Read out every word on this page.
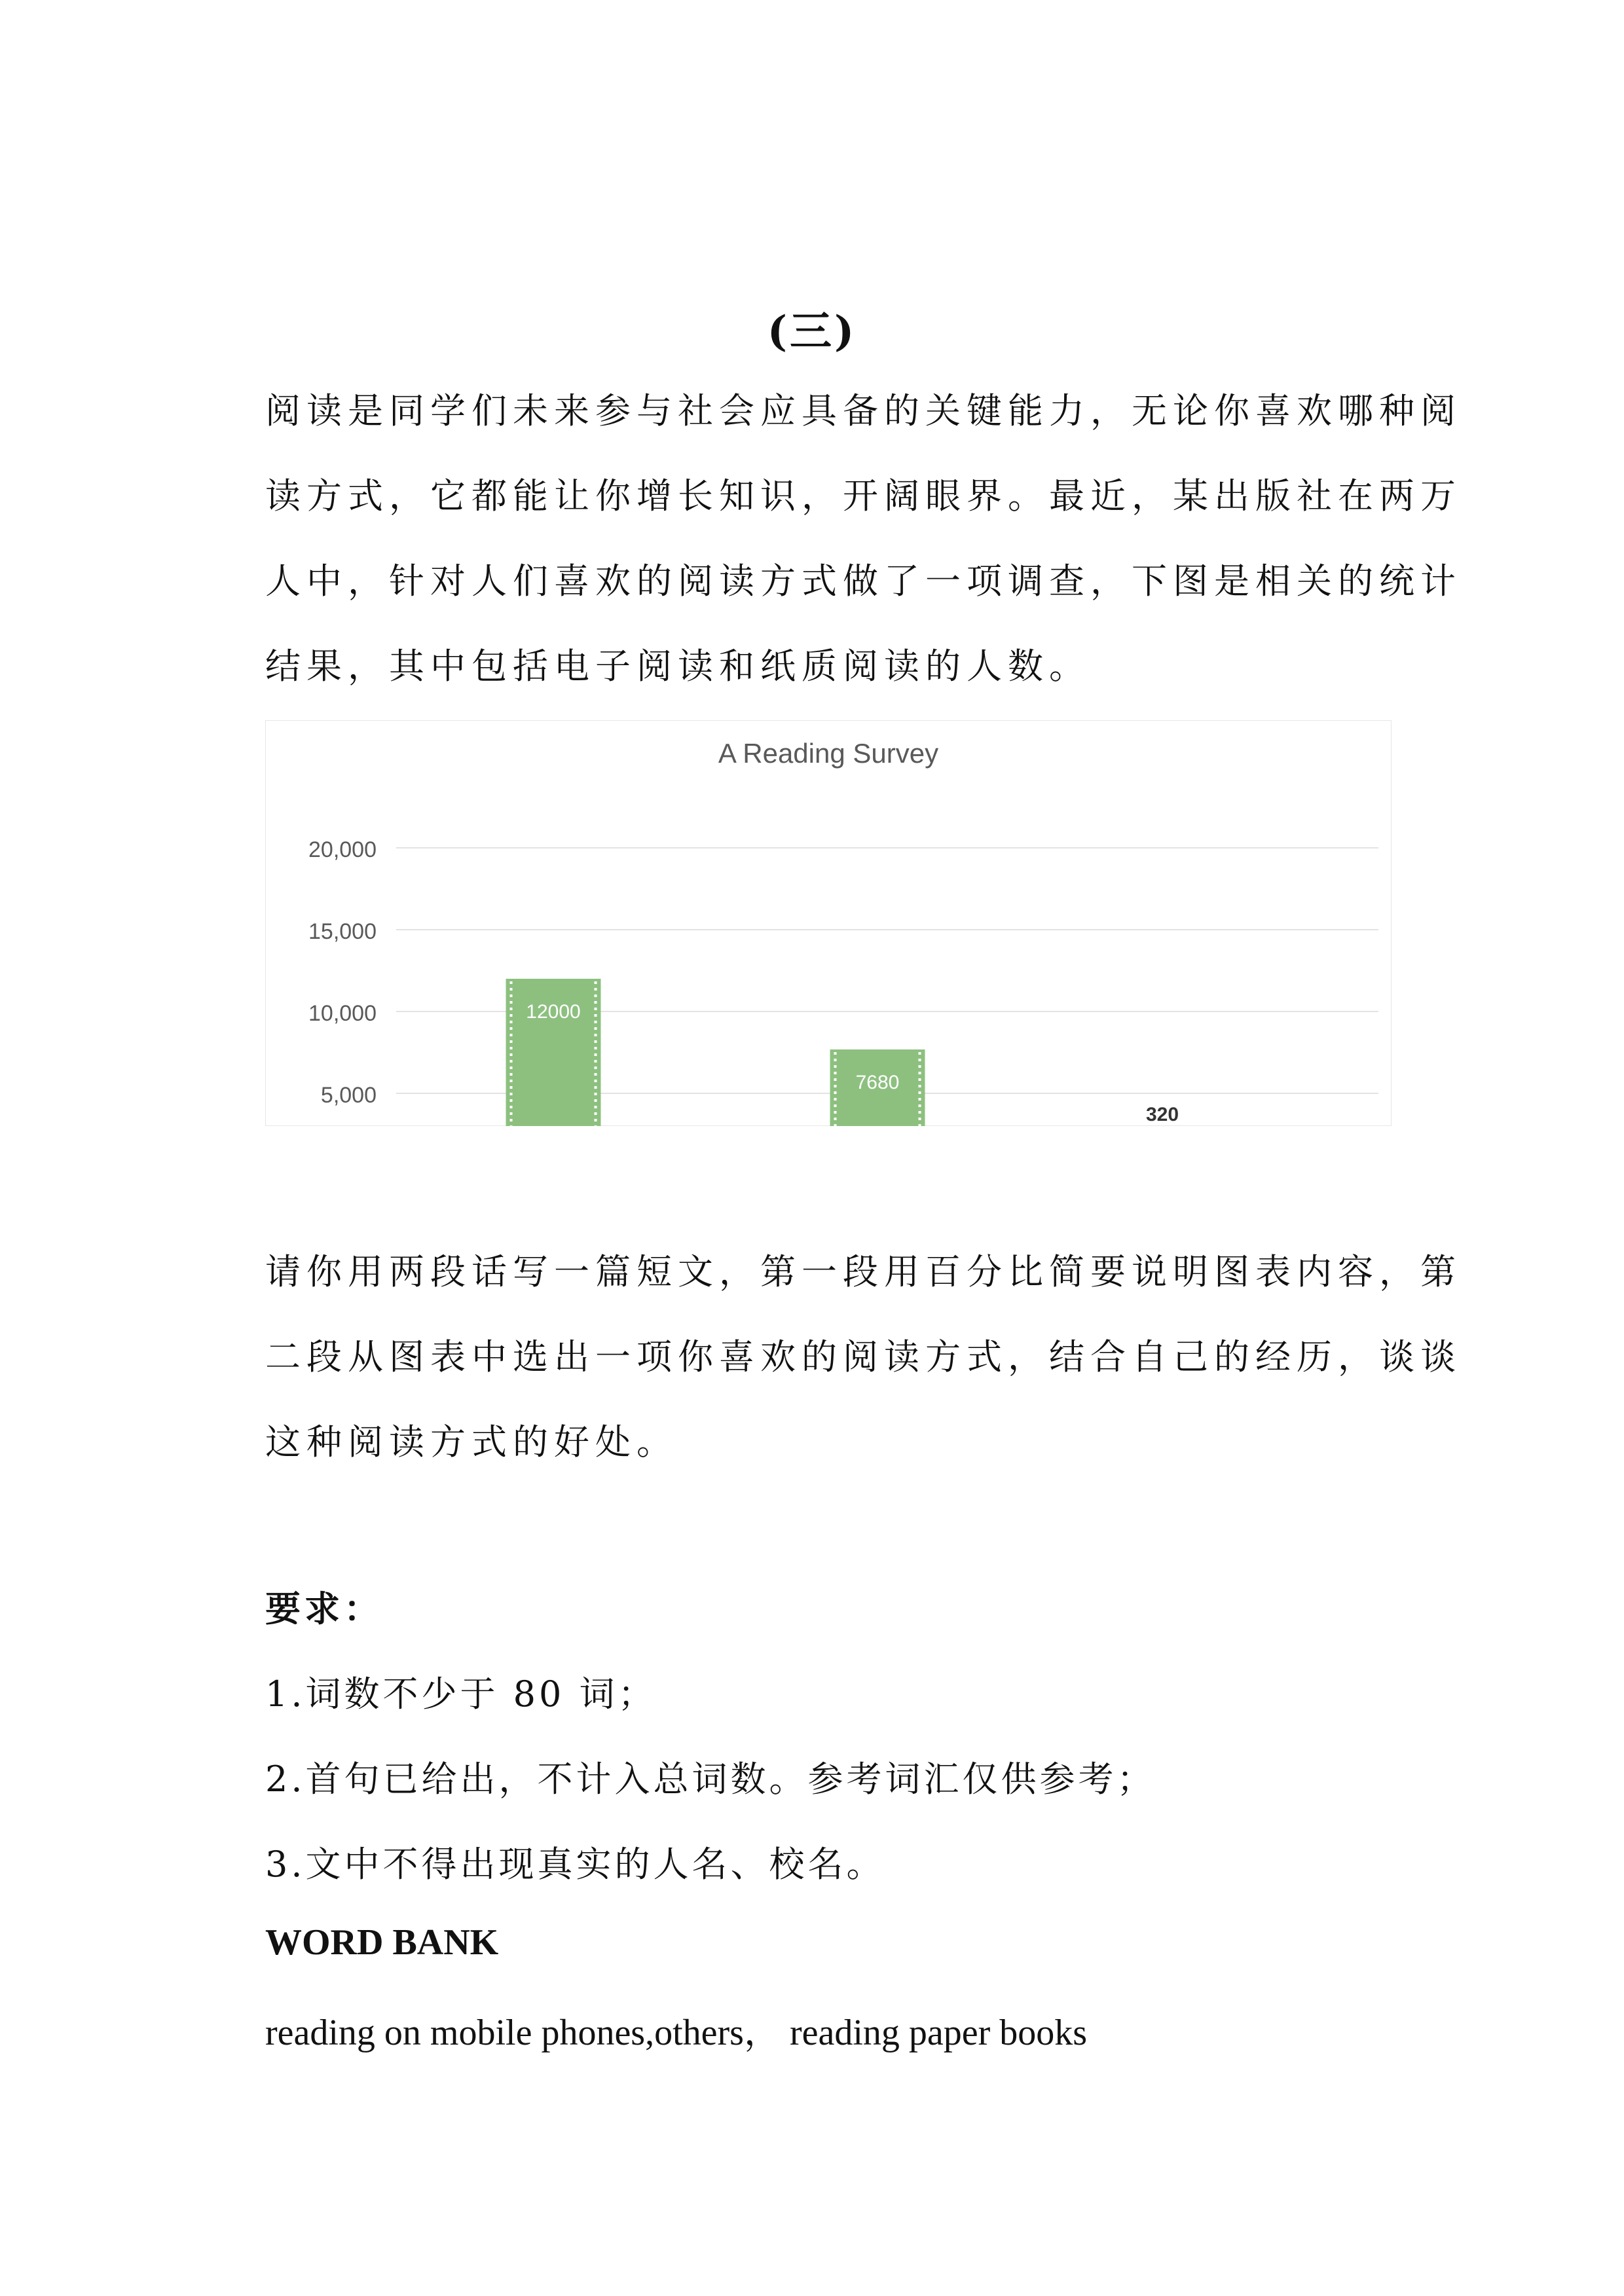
(三)
阅读是同学们未来参与社会应具备的关键能力，无论你喜欢哪种阅
读方式，它都能让你增长知识，开阔眼界。最近，某出版社在两万
人中，针对人们喜欢的阅读方式做了一项调查，下图是相关的统计
结果，其中包括电子阅读和纸质阅读的人数。
A Reading Survey
5,000
10,000
15,000
20,000
12000
7680
320
请你用两段话写一篇短文，第一段用百分比简要说明图表内容，第
二段从图表中选出一项你喜欢的阅读方式，结合自己的经历，谈谈
这种阅读方式的好处。
要求：
1.词数不少于 80 词；
2.首句已给出，不计入总词数。参考词汇仅供参考；
3.文中不得出现真实的人名、校名。
WORD BANK
reading on mobile phones,others， reading paper books
